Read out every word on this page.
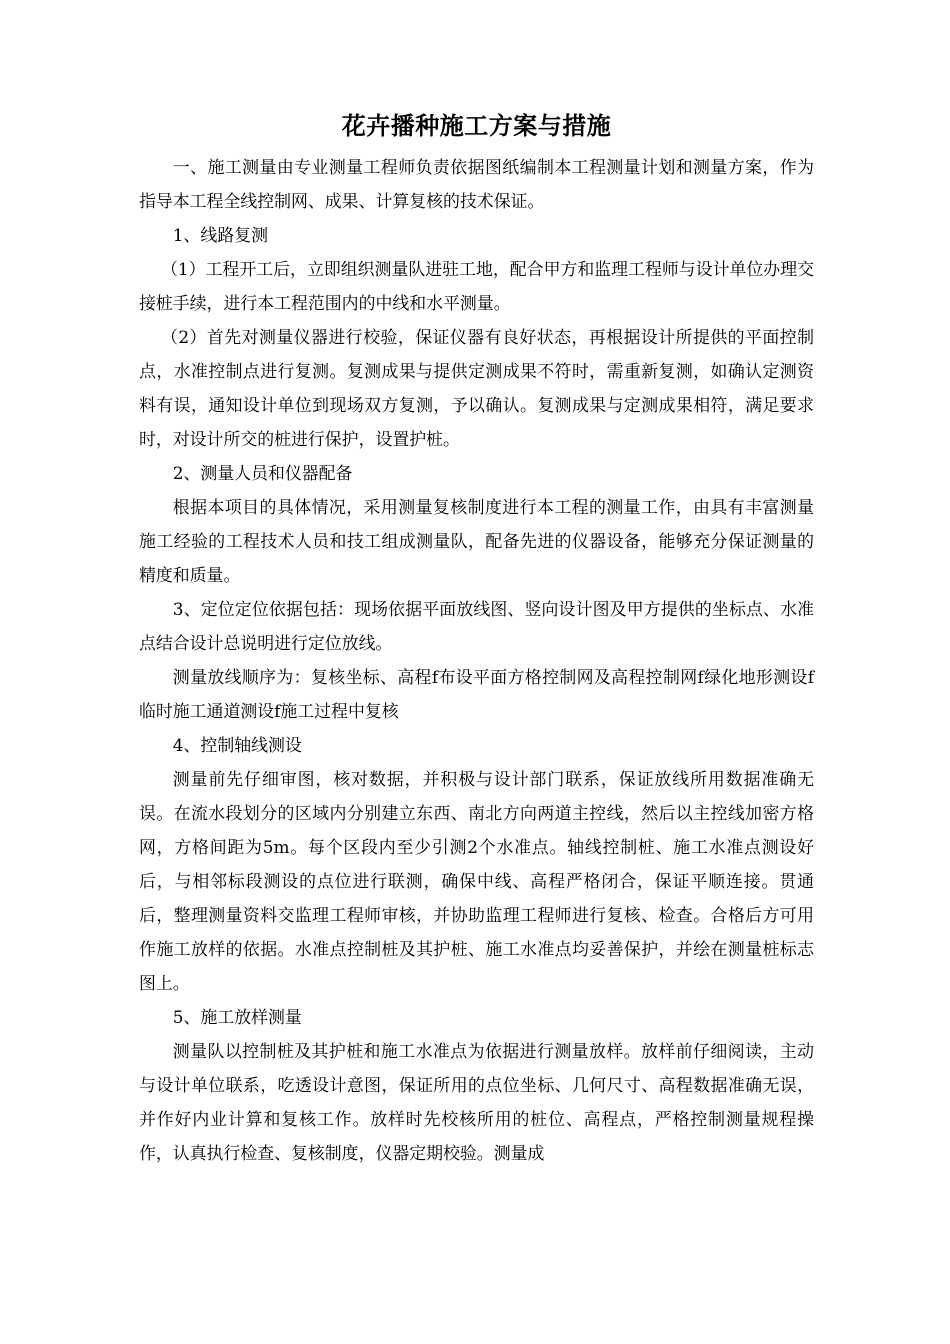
花卉播种施工方案与措施

一、施工测量由专业测量工程师负责依据图纸编制本工程测量计划和测量方案，作为指导本工程全线控制网、成果、计算复核的技术保证。

1、线路复测

（1）工程开工后，立即组织测量队进驻工地，配合甲方和监理工程师与设计单位办理交接桩手续，进行本工程范围内的中线和水平测量。

（2）首先对测量仪器进行校验，保证仪器有良好状态，再根据设计所提供的平面控制点，水准控制点进行复测。复测成果与提供定测成果不符时，需重新复测，如确认定测资料有误，通知设计单位到现场双方复测，予以确认。复测成果与定测成果相符，满足要求时，对设计所交的桩进行保护，设置护桩。

2、测量人员和仪器配备

根据本项目的具体情况，采用测量复核制度进行本工程的测量工作，由具有丰富测量施工经验的工程技术人员和技工组成测量队，配备先进的仪器设备，能够充分保证测量的精度和质量。

3、定位定位依据包括：现场依据平面放线图、竖向设计图及甲方提供的坐标点、水准点结合设计总说明进行定位放线。

测量放线顺序为：复核坐标、高程f布设平面方格控制网及高程控制网f绿化地形测设f临时施工通道测设f施工过程中复核

4、控制轴线测设

测量前先仔细审图，核对数据，并积极与设计部门联系，保证放线所用数据准确无误。在流水段划分的区域内分别建立东西、南北方向两道主控线，然后以主控线加密方格网，方格间距为5m。每个区段内至少引测2个水准点。轴线控制桩、施工水准点测设好后，与相邻标段测设的点位进行联测，确保中线、高程严格闭合，保证平顺连接。贯通后，整理测量资料交监理工程师审核，并协助监理工程师进行复核、检查。合格后方可用作施工放样的依据。水准点控制桩及其护桩、施工水准点均妥善保护，并绘在测量桩标志图上。

5、施工放样测量

测量队以控制桩及其护桩和施工水准点为依据进行测量放样。放样前仔细阅读，主动与设计单位联系，吃透设计意图，保证所用的点位坐标、几何尺寸、高程数据准确无误，并作好内业计算和复核工作。放样时先校核所用的桩位、高程点，严格控制测量规程操作，认真执行检查、复核制度，仪器定期校验。测量成
